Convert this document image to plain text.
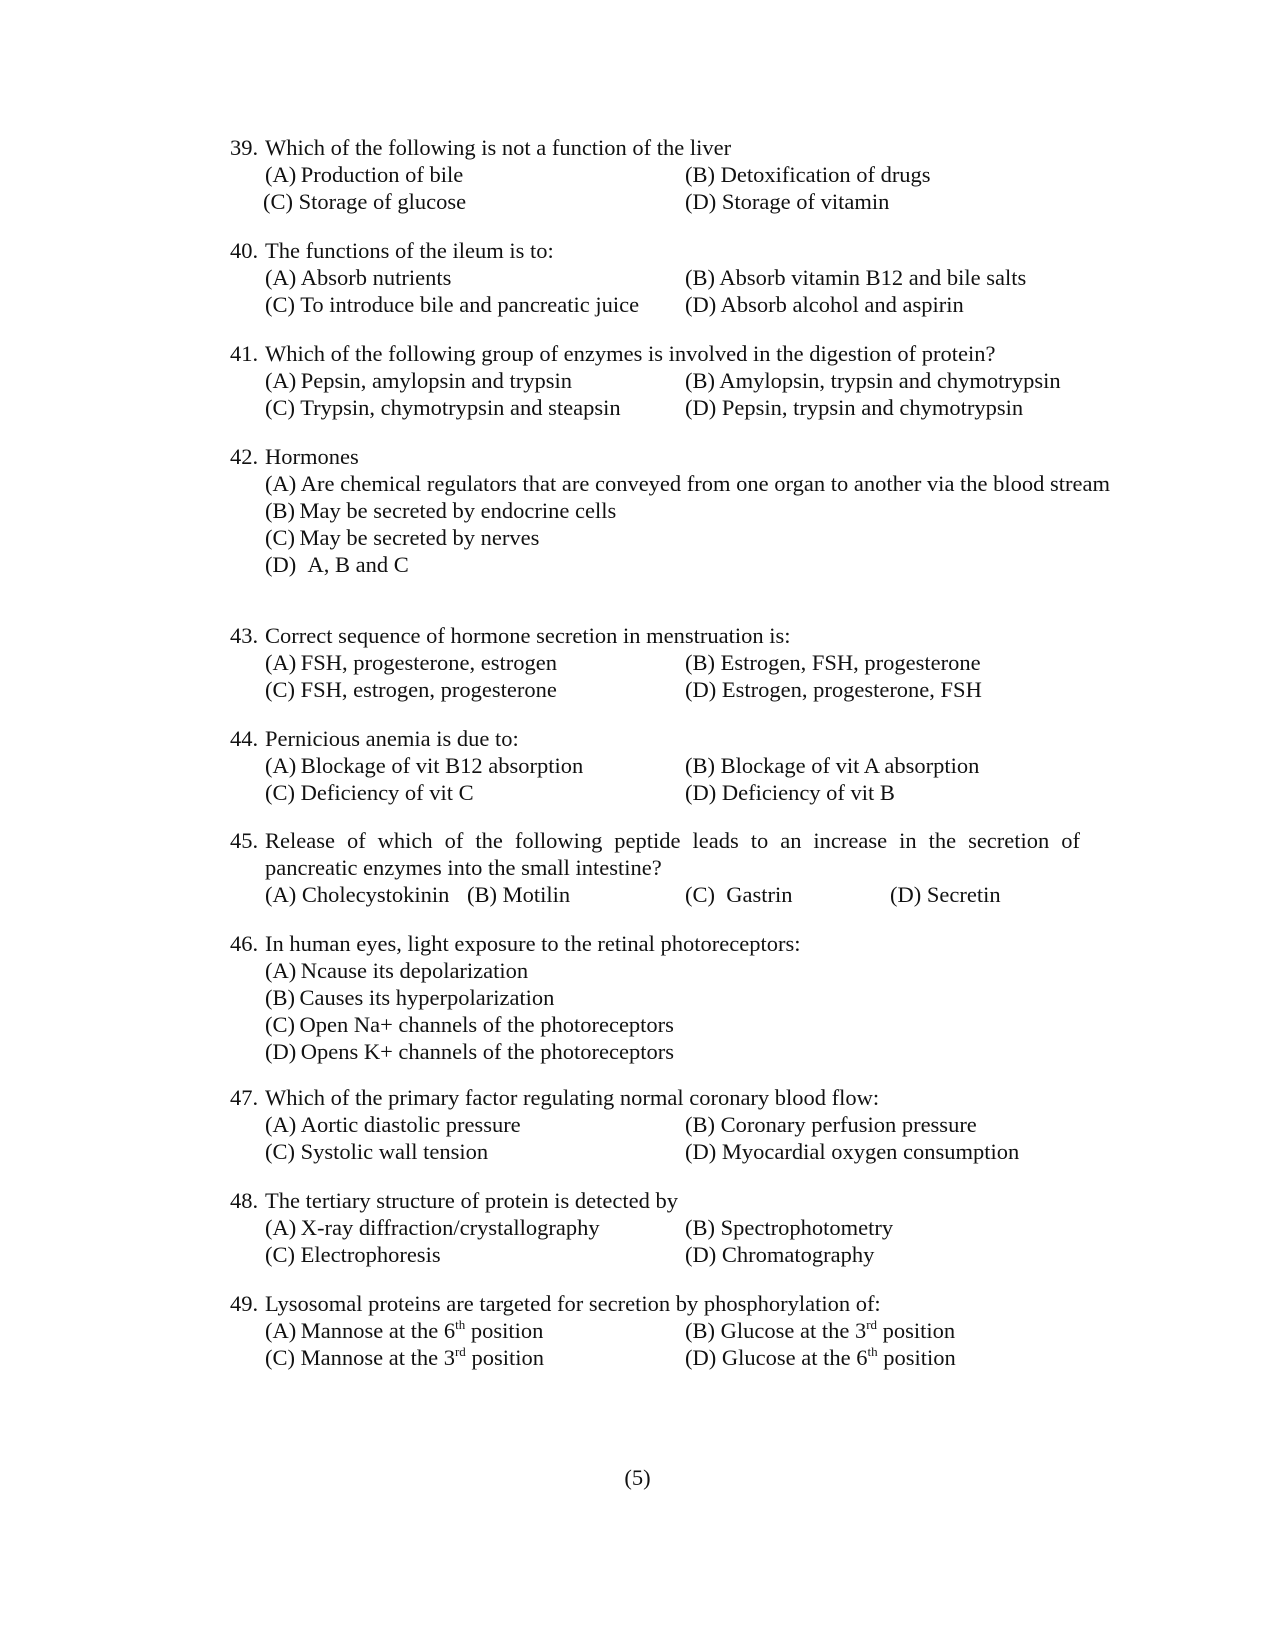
39. Which of the following is not a function of the liver
(A) Production of bile	(B) Detoxification of drugs
(C) Storage of glucose	(D) Storage of vitamin
40. The functions of the ileum is to:
(A) Absorb nutrients	(B) Absorb vitamin B12 and bile salts
(C) To introduce bile and pancreatic juice	(D) Absorb alcohol and aspirin
41. Which of the following group of enzymes is involved in the digestion of protein?
(A) Pepsin, amylopsin and trypsin	(B) Amylopsin, trypsin and chymotrypsin
(C) Trypsin, chymotrypsin and steapsin	(D) Pepsin, trypsin and chymotrypsin
42. Hormones
(A) Are chemical regulators that are conveyed from one organ to another via the blood stream
(B) May be secreted by endocrine cells
(C) May be secreted by nerves
(D) A, B and C
43. Correct sequence of hormone secretion in menstruation is:
(A) FSH, progesterone, estrogen	(B) Estrogen, FSH, progesterone
(C) FSH, estrogen, progesterone	(D) Estrogen, progesterone, FSH
44. Pernicious anemia is due to:
(A) Blockage of vit B12 absorption	(B) Blockage of vit A absorption
(C) Deficiency of vit C	(D) Deficiency of vit B
45. Release of which of the following peptide leads to an increase in the secretion of pancreatic enzymes into the small intestine?
(A) Cholecystokinin (B) Motilin	(C) Gastrin	(D) Secretin
46. In human eyes, light exposure to the retinal photoreceptors:
(A) Ncause its depolarization
(B) Causes its hyperpolarization
(C) Open Na+ channels of the photoreceptors
(D) Opens K+ channels of the photoreceptors
47. Which of the primary factor regulating normal coronary blood flow:
(A) Aortic diastolic pressure	(B) Coronary perfusion pressure
(C) Systolic wall tension	(D) Myocardial oxygen consumption
48. The tertiary structure of protein is detected by
(A) X-ray diffraction/crystallography	(B) Spectrophotometry
(C) Electrophoresis	(D) Chromatography
49. Lysosomal proteins are targeted for secretion by phosphorylation of:
(A) Mannose at the 6th position	(B) Glucose at the 3rd position
(C) Mannose at the 3rd position	(D) Glucose at the 6th position
(5)
